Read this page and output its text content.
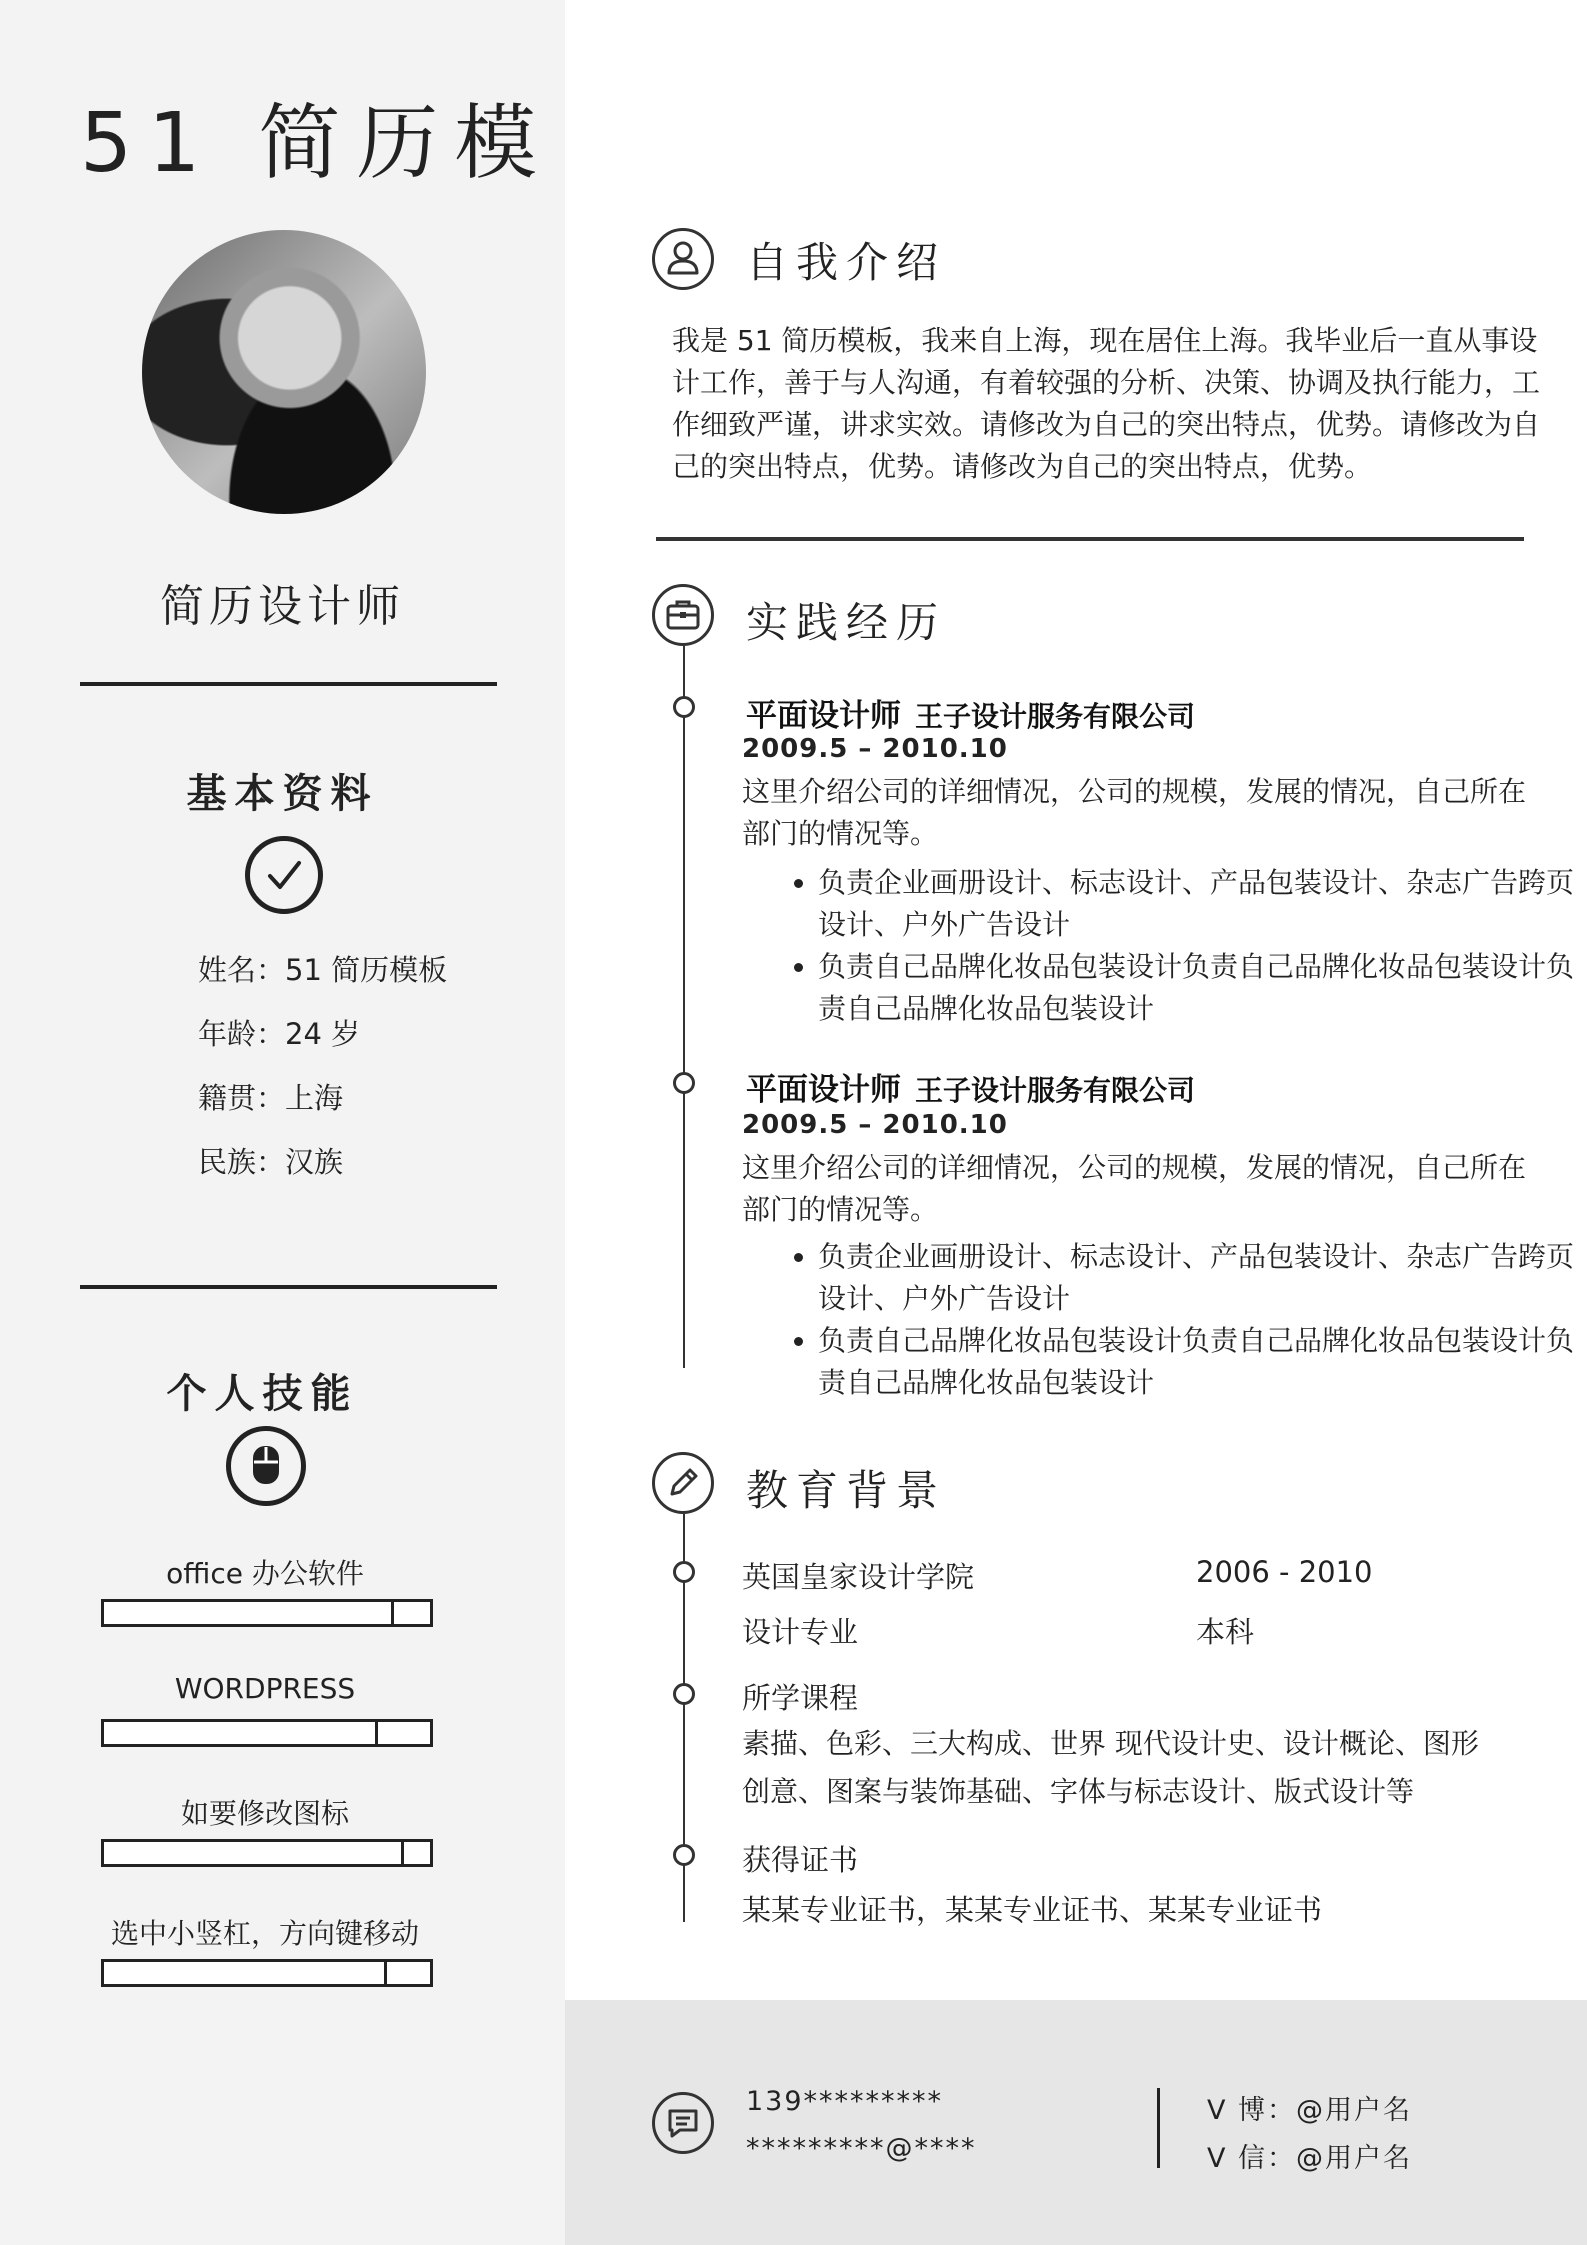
51 简历模
简历设计师
基本资料
姓名：51 简历模板
年龄：24 岁
籍贯：上海
民族：汉族
个人技能
office 办公软件
WORDPRESS
如要修改图标
选中小竖杠，方向键移动
自我介绍
我是 51 简历模板，我来自上海，现在居住上海。我毕业后一直从事设计工作，善于与人沟通，有着较强的分析、决策、协调及执行能力，工作细致严谨，讲求实效。请修改为自己的突出特点，优势。请修改为自己的突出特点，优势。请修改为自己的突出特点，优势。
实践经历
平面设计师 王子设计服务有限公司
2009.5 – 2010.10
这里介绍公司的详细情况，公司的规模，发展的情况，自己所在部门的情况等。
• 负责企业画册设计、标志设计、产品包装设计、杂志广告跨页设计、户外广告设计
• 负责自己品牌化妆品包装设计负责自己品牌化妆品包装设计负责自己品牌化妆品包装设计
平面设计师 王子设计服务有限公司
2009.5 – 2010.10
这里介绍公司的详细情况，公司的规模，发展的情况，自己所在部门的情况等。
• 负责企业画册设计、标志设计、产品包装设计、杂志广告跨页设计、户外广告设计
• 负责自己品牌化妆品包装设计负责自己品牌化妆品包装设计负责自己品牌化妆品包装设计
教育背景
英国皇家设计学院	2006 - 2010
设计专业	本科
所学课程
素描、色彩、三大构成、世界 现代设计史、设计概论、图形创意、图案与装饰基础、字体与标志设计、版式设计等
获得证书
某某专业证书，某某专业证书、某某专业证书
139*********
*********@****
V 博：@用户名
V 信：@用户名
